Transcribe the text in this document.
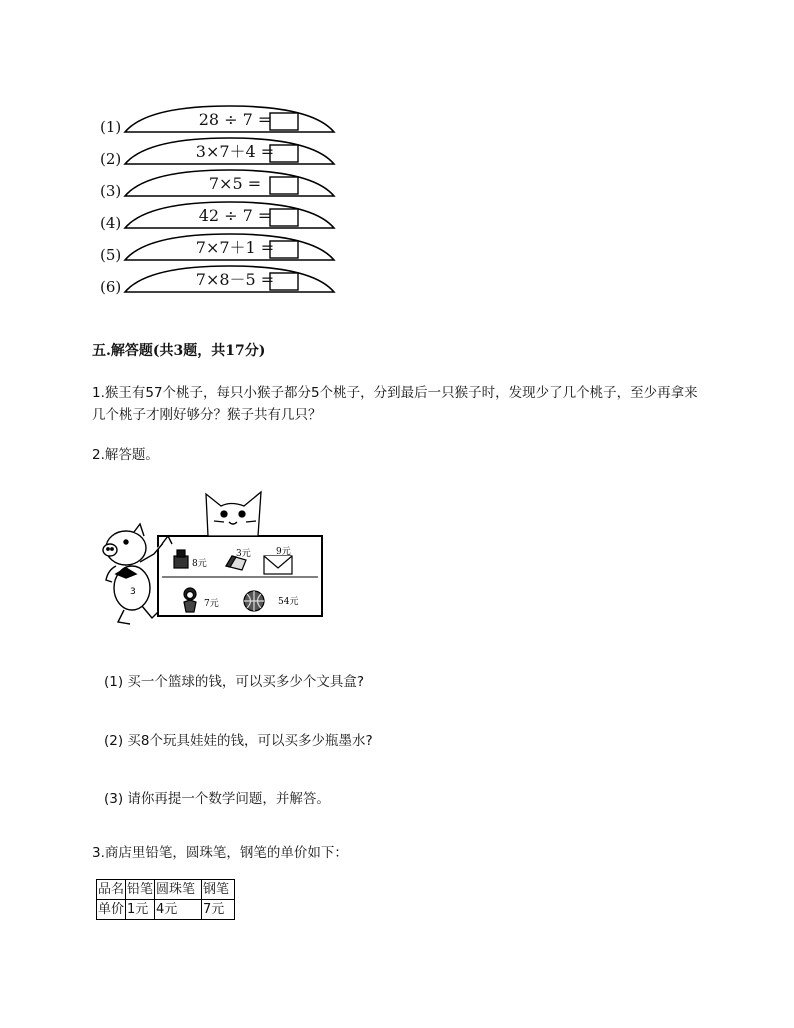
(1)	28 ÷ 7 =
(2)	3×7＋4 =
(3)	7×5 =
(4)	42 ÷ 7 =
(5)	7×7＋1 =
(6)	7×8－5 =
五.解答题(共3题，共17分)
1.猴王有57个桃子，每只小猴子都分5个桃子，分到最后一只猴子时，发现少了几个桃子，至少再拿来几个桃子才刚好够分？猴子共有几只？
2.解答题。
3
8元
3元	9元
7元	54元
(1) 买一个篮球的钱，可以买多少个文具盒?
(2) 买8个玩具娃娃的钱，可以买多少瓶墨水?
(3) 请你再提一个数学问题，并解答。
3.商店里铅笔，圆珠笔，钢笔的单价如下：
品名	铅笔	圆珠笔	钢笔
单价	1元	4元	7元
